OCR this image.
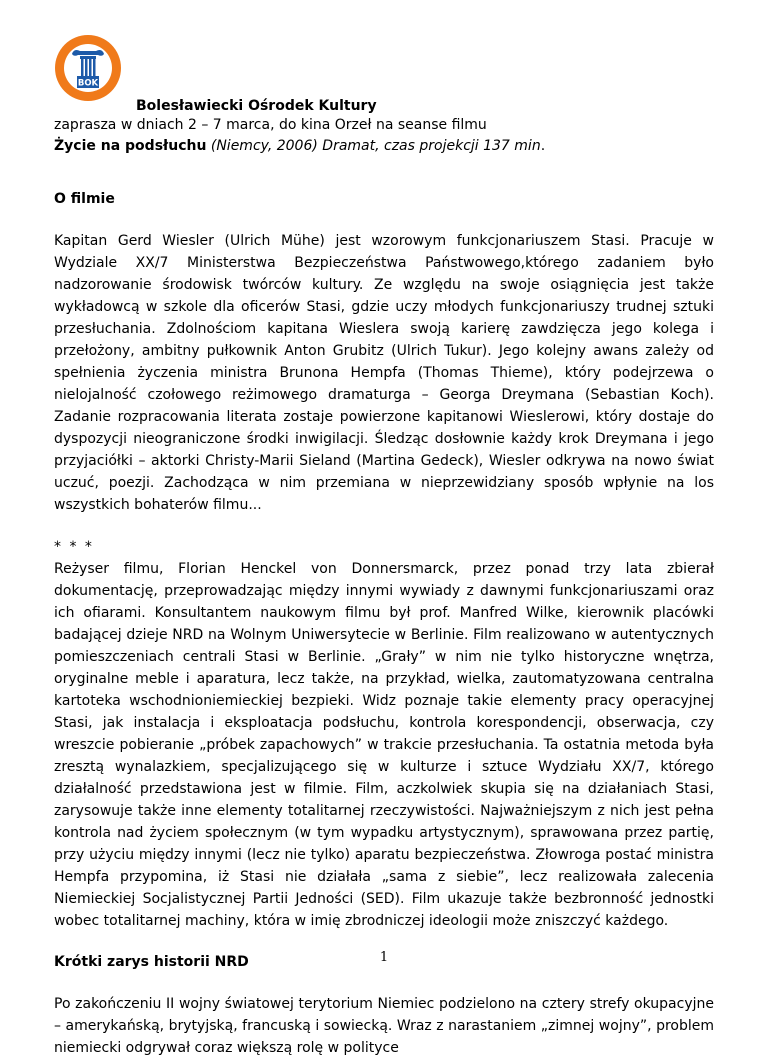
BOK

Bolesławiecki Ośrodek Kultury

zaprasza w dniach 2 – 7 marca, do kina Orzeł na seanse filmu

Życie na podsłuchu (Niemcy, 2006) Dramat, czas projekcji 137 min.

O filmie

Kapitan Gerd Wiesler (Ulrich Mühe) jest wzorowym funkcjonariuszem Stasi. Pracuje w Wydziale XX/7 Ministerstwa Bezpieczeństwa Państwowego,którego zadaniem było nadzorowanie środowisk twórców kultury. Ze względu na swoje osiągnięcia jest także wykładowcą w szkole dla oficerów Stasi, gdzie uczy młodych funkcjonariuszy trudnej sztuki przesłuchania. Zdolnościom kapitana Wieslera swoją karierę zawdzięcza jego kolega i przełożony, ambitny pułkownik Anton Grubitz (Ulrich Tukur). Jego kolejny awans zależy od spełnienia życzenia ministra Brunona Hempfa (Thomas Thieme), który podejrzewa o nielojalność czołowego reżimowego dramaturga – Georga Dreymana (Sebastian Koch). Zadanie rozpracowania literata zostaje powierzone kapitanowi Wieslerowi, który dostaje do dyspozycji nieograniczone środki inwigilacji. Śledząc dosłownie każdy krok Dreymana i jego przyjaciółki – aktorki Christy-Marii Sieland (Martina Gedeck), Wiesler odkrywa na nowo świat uczuć, poezji. Zachodząca w nim przemiana w nieprzewidziany sposób wpłynie na los wszystkich bohaterów filmu...

* * *

Reżyser filmu, Florian Henckel von Donnersmarck, przez ponad trzy lata zbierał dokumentację, przeprowadzając między innymi wywiady z dawnymi funkcjonariuszami oraz ich ofiarami. Konsultantem naukowym filmu był prof. Manfred Wilke, kierownik placówki badającej dzieje NRD na Wolnym Uniwersytecie w Berlinie. Film realizowano w autentycznych pomieszczeniach centrali Stasi w Berlinie. „Grały” w nim nie tylko historyczne wnętrza, oryginalne meble i aparatura, lecz także, na przykład, wielka, zautomatyzowana centralna kartoteka wschodnioniemieckiej bezpieki. Widz poznaje takie elementy pracy operacyjnej Stasi, jak instalacja i eksploatacja podsłuchu, kontrola korespondencji, obserwacja, czy wreszcie pobieranie „próbek zapachowych” w trakcie przesłuchania. Ta ostatnia metoda była zresztą wynalazkiem, specjalizującego się w kulturze i sztuce Wydziału XX/7, którego działalność przedstawiona jest w filmie. Film, aczkolwiek skupia się na działaniach Stasi, zarysowuje także inne elementy totalitarnej rzeczywistości. Najważniejszym z nich jest pełna kontrola nad życiem społecznym (w tym wypadku artystycznym), sprawowana przez partię, przy użyciu między innymi (lecz nie tylko) aparatu bezpieczeństwa. Złowroga postać ministra Hempfa przypomina, iż Stasi nie działała „sama z siebie”, lecz realizowała zalecenia Niemieckiej Socjalistycznej Partii Jedności (SED). Film ukazuje także bezbronność jednostki wobec totalitarnej machiny, która w imię zbrodniczej ideologii może zniszczyć każdego.

Krótki zarys historii NRD

Po zakończeniu II wojny światowej terytorium Niemiec podzielono na cztery strefy okupacyjne – amerykańską, brytyjską, francuską i sowiecką. Wraz z narastaniem „zimnej wojny”, problem niemiecki odgrywał coraz większą rolę w polityce

1
